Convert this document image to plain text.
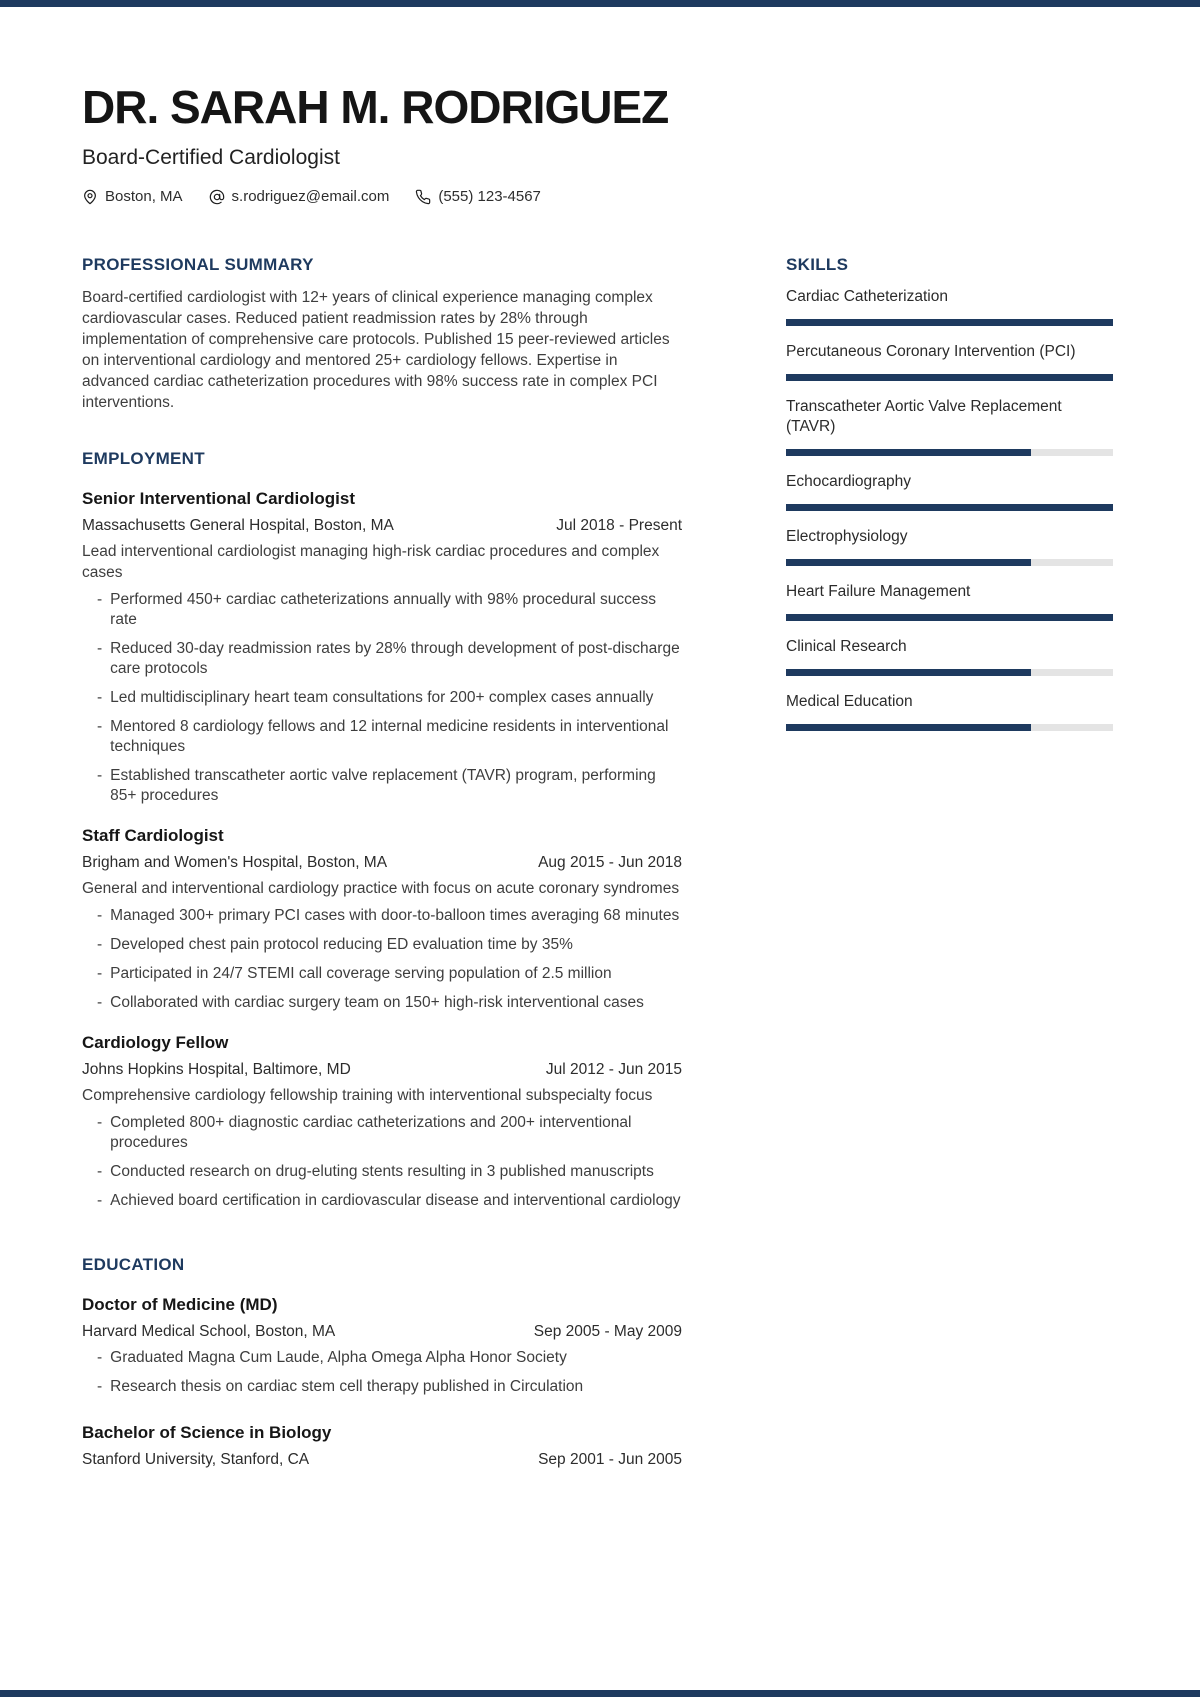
DR. SARAH M. RODRIGUEZ
Board-Certified Cardiologist
Boston, MA	s.rodriguez@email.com	(555) 123-4567
PROFESSIONAL SUMMARY
Board-certified cardiologist with 12+ years of clinical experience managing complex cardiovascular cases. Reduced patient readmission rates by 28% through implementation of comprehensive care protocols. Published 15 peer-reviewed articles on interventional cardiology and mentored 25+ cardiology fellows. Expertise in advanced cardiac catheterization procedures with 98% success rate in complex PCI interventions.
EMPLOYMENT
Senior Interventional Cardiologist
Massachusetts General Hospital, Boston, MA	Jul 2018 - Present
Lead interventional cardiologist managing high-risk cardiac procedures and complex cases
- Performed 450+ cardiac catheterizations annually with 98% procedural success rate
- Reduced 30-day readmission rates by 28% through development of post-discharge care protocols
- Led multidisciplinary heart team consultations for 200+ complex cases annually
- Mentored 8 cardiology fellows and 12 internal medicine residents in interventional techniques
- Established transcatheter aortic valve replacement (TAVR) program, performing 85+ procedures
Staff Cardiologist
Brigham and Women's Hospital, Boston, MA	Aug 2015 - Jun 2018
General and interventional cardiology practice with focus on acute coronary syndromes
- Managed 300+ primary PCI cases with door-to-balloon times averaging 68 minutes
- Developed chest pain protocol reducing ED evaluation time by 35%
- Participated in 24/7 STEMI call coverage serving population of 2.5 million
- Collaborated with cardiac surgery team on 150+ high-risk interventional cases
Cardiology Fellow
Johns Hopkins Hospital, Baltimore, MD	Jul 2012 - Jun 2015
Comprehensive cardiology fellowship training with interventional subspecialty focus
- Completed 800+ diagnostic cardiac catheterizations and 200+ interventional procedures
- Conducted research on drug-eluting stents resulting in 3 published manuscripts
- Achieved board certification in cardiovascular disease and interventional cardiology
EDUCATION
Doctor of Medicine (MD)
Harvard Medical School, Boston, MA	Sep 2005 - May 2009
- Graduated Magna Cum Laude, Alpha Omega Alpha Honor Society
- Research thesis on cardiac stem cell therapy published in Circulation
Bachelor of Science in Biology
Stanford University, Stanford, CA	Sep 2001 - Jun 2005
SKILLS
Cardiac Catheterization
Percutaneous Coronary Intervention (PCI)
Transcatheter Aortic Valve Replacement (TAVR)
Echocardiography
Electrophysiology
Heart Failure Management
Clinical Research
Medical Education
